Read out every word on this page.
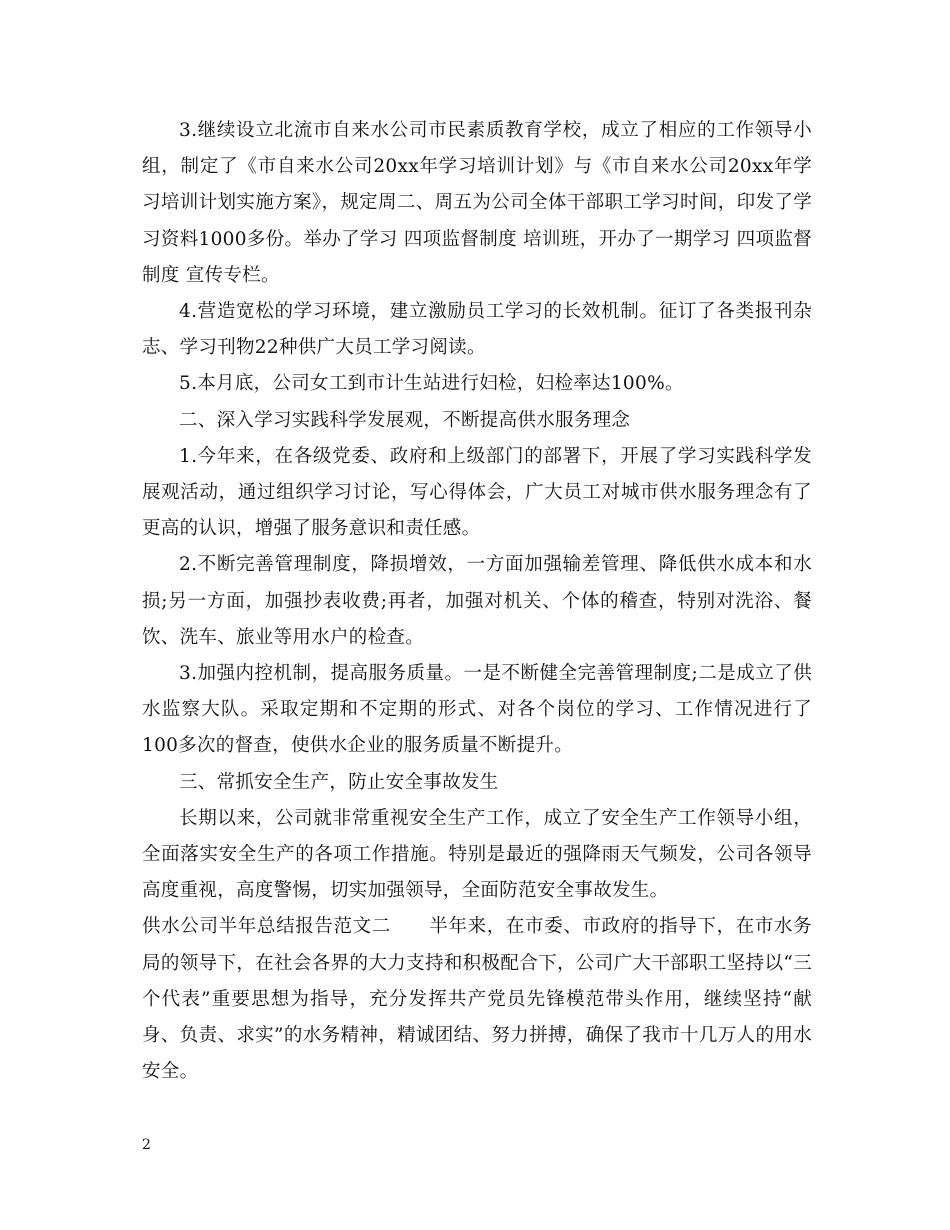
3.继续设立北流市自来水公司市民素质教育学校，成立了相应的工作领导小组，制定了《市自来水公司20xx年学习培训计划》与《市自来水公司20xx年学习培训计划实施方案》，规定周二、周五为公司全体干部职工学习时间，印发了学习资料1000多份。举办了学习 四项监督制度 培训班，开办了一期学习 四项监督制度 宣传专栏。

4.营造宽松的学习环境，建立激励员工学习的长效机制。征订了各类报刊杂志、学习刊物22种供广大员工学习阅读。

5.本月底，公司女工到市计生站进行妇检，妇检率达100%。

二、深入学习实践科学发展观，不断提高供水服务理念

1.今年来，在各级党委、政府和上级部门的部署下，开展了学习实践科学发展观活动，通过组织学习讨论，写心得体会，广大员工对城市供水服务理念有了更高的认识，增强了服务意识和责任感。

2.不断完善管理制度，降损增效，一方面加强输差管理、降低供水成本和水损;另一方面，加强抄表收费;再者，加强对机关、个体的稽查，特别对洗浴、餐饮、洗车、旅业等用水户的检查。

3.加强内控机制，提高服务质量。一是不断健全完善管理制度;二是成立了供水监察大队。采取定期和不定期的形式、对各个岗位的学习、工作情况进行了100多次的督查，使供水企业的服务质量不断提升。

三、常抓安全生产，防止安全事故发生

长期以来，公司就非常重视安全生产工作，成立了安全生产工作领导小组，全面落实安全生产的各项工作措施。特别是最近的强降雨天气频发，公司各领导高度重视，高度警惕，切实加强领导，全面防范安全事故发生。

供水公司半年总结报告范文二　　半年来，在市委、市政府的指导下，在市水务局的领导下，在社会各界的大力支持和积极配合下，公司广大干部职工坚持以“三个代表”重要思想为指导，充分发挥共产党员先锋模范带头作用，继续坚持“献身、负责、求实”的水务精神，精诚团结、努力拼搏，确保了我市十几万人的用水安全。

2
